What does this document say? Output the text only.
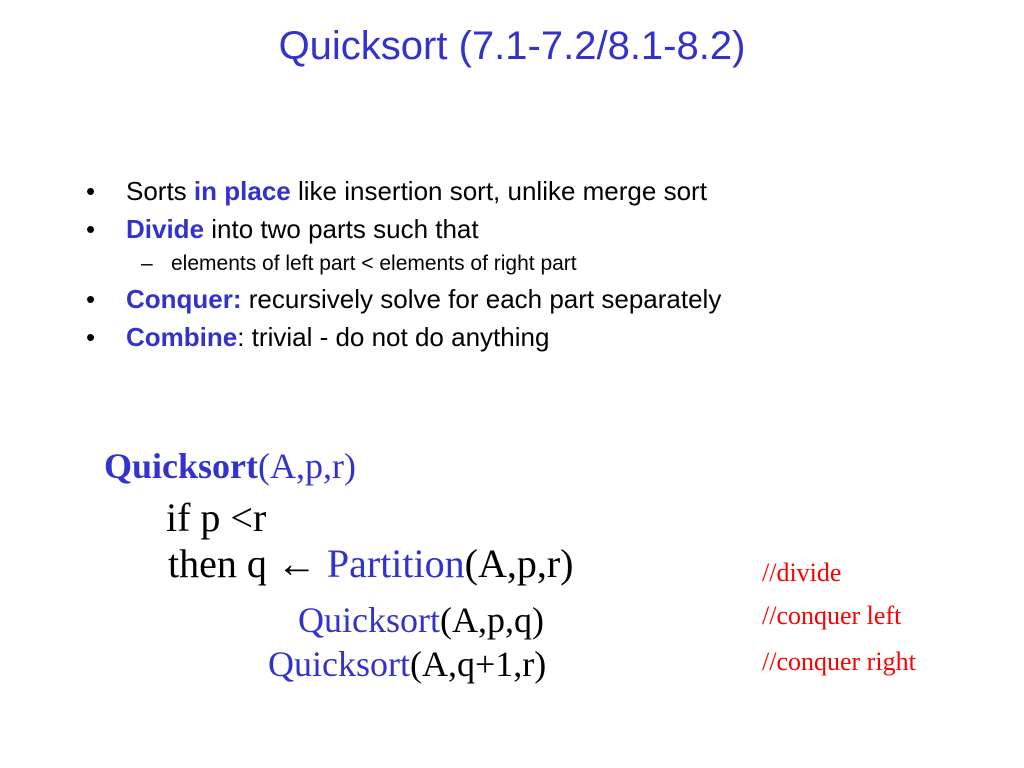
Quicksort (7.1-7.2/8.1-8.2)
• Sorts in place like insertion sort, unlike merge sort
• Divide into two parts such that
– elements of left part < elements of right part
• Conquer: recursively solve for each part separately
• Combine: trivial - do not do anything
Quicksort(A,p,r)
if p <r
then q ← Partition(A,p,r)
Quicksort(A,p,q)
Quicksort(A,q+1,r)
//divide
//conquer left
//conquer right
